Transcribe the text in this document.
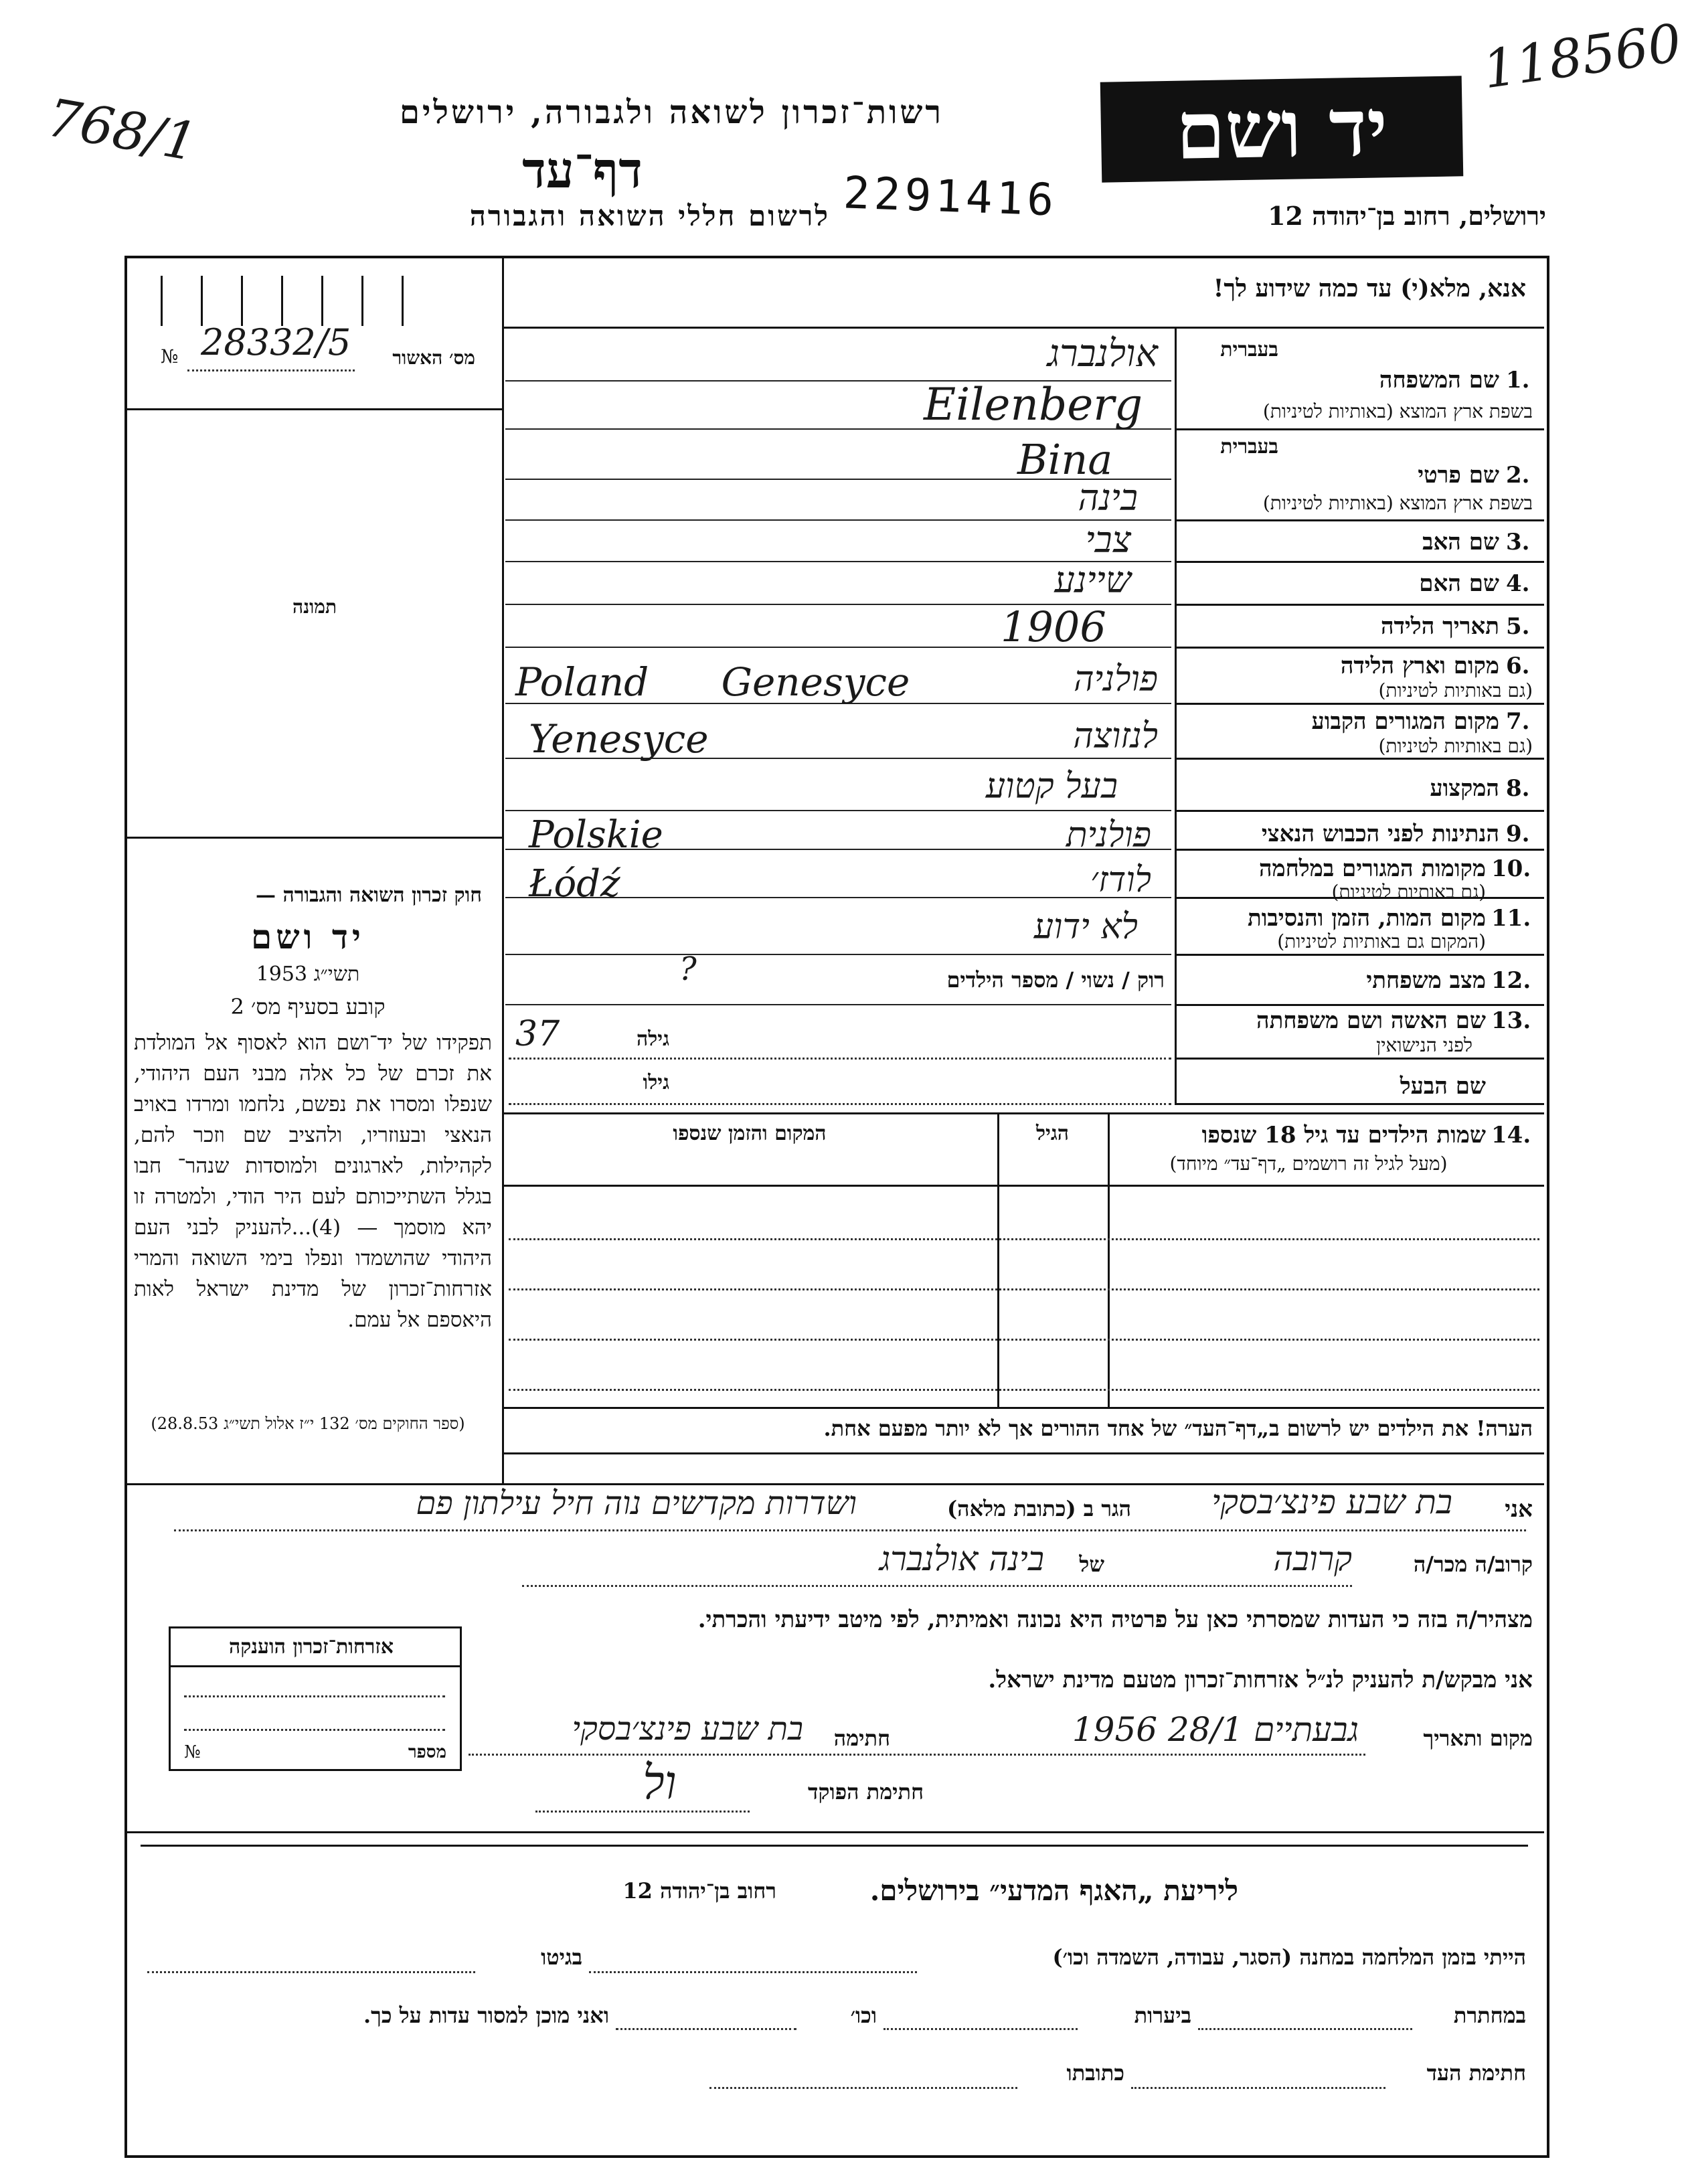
118560
768/1	יד ושם
רשות־זכרון לשואה ולגבורה, ירושלים
דף־עד
לרשום חללי השואה והגבורה 2291416	ירושלים, רחוב בן־יהודה 12
אנא, מלא(י) עד כמה שידוע לך!
מס׳ האשור
№ 28332/5
תמונה
חוק זכרון השואה והגבורה —
יד ושם
תשי״ג 1953
קובע בסעיף מס׳ 2
תפקידו של יד־ושם הוא לאסוף אל המולדת את זכרם של כל אלה מבני העם היהודי, שנפלו ומסרו את נפשם, נלחמו ומרדו באויב הנאצי ובעוזריו, ולהציב שם וזכר להם, לקהילות, לארגונים ולמוסדות שנהר־ חבו בגלל השתייכותם לעם היר הודי, ולמטרה זו יהא מוסמך — (4)...להעניק לבני העם היהודי שהושמדו ונפלו בימי השואה והמרי אזרחות־זכרון של מדינת ישראל לאות היאספם אל עמם.
(ספר החוקים מס׳ 132 י״ז אלול תשי״ג 28.8.53)
בעברית
1.
שם המשפחה
בשפת ארץ המוצא (באותיות לטיניות)
אולנברג
Eilenberg
בעברית
2.
שם פרטי
בשפת ארץ המוצא (באותיות לטיניות)
Bina
בינה
3.
שם האב
צבי
4.
שם האם
שיינע
5.
תאריך הלידה
1906
6.
מקום וארץ הלידה
(גם באותיות לטיניות)
פולניה
Poland Genesyce
7.
מקום המגורים הקבוע
(גם באותיות לטיניות)
לנזוצה
Yenesyce
8.
המקצוע
בעל קטוע
9.
הנתינות לפני הכבוש הנאצי
פולנית
Polskie
10.
מקומות המגורים במלחמה
(גם באותיות לטיניות)
לודז׳
Łódź
11.
מקום המות, הזמן והנסיבות
(המקום גם באותיות לטיניות)
לא ידוע
12.
מצב משפחתי
רוק / נשוי / מספר הילדים
?
13.
שם האשה ושם משפחתה
לפני הנישואין
גילה
37
שם הבעל
גילו
14.
שמות הילדים עד גיל 18 שנספו
(מעל לגיל זה רושמים „דף־עד״ מיוחד)
הגיל
המקום והזמן שנספו
הערה! את הילדים יש לרשום ב„דף־העד״ של אחד ההורים אך לא יותר מפעם אחת.
אני
בת שבע פינצ׳בסקי
הגר ב (כתובת מלאה)
ושדרות מקדשים נוה חיל עילתון פם
קרוב/ה מכר/ה
קרובה
של
בינה אולנברג
מצהיר/ה בזה כי העדות שמסרתי כאן על פרטיה היא נכונה ואמיתית, לפי מיטב ידיעתי והכרתי.
אני מבקש/ת להעניק לנ״ל אזרחות־זכרון מטעם מדינת ישראל.
מקום ותאריך
גבעתיים 28/1 1956
חתימה
בת שבע פינצ׳בסקי
חתימת הפוקד
ול
אזרחות־זכרון הוענקה
מספר
№
ליריעת „האגף המדעי״ בירושלים.
רחוב בן־יהודה 12
הייתי בזמן המלחמה במחנה (הסגר, עבודה, השמדה וכו׳)
בגיטו
במחתרת
ביערות
וכו׳
ואני מוכן למסור עדות על כך.
חתימת העד
כתובתו
